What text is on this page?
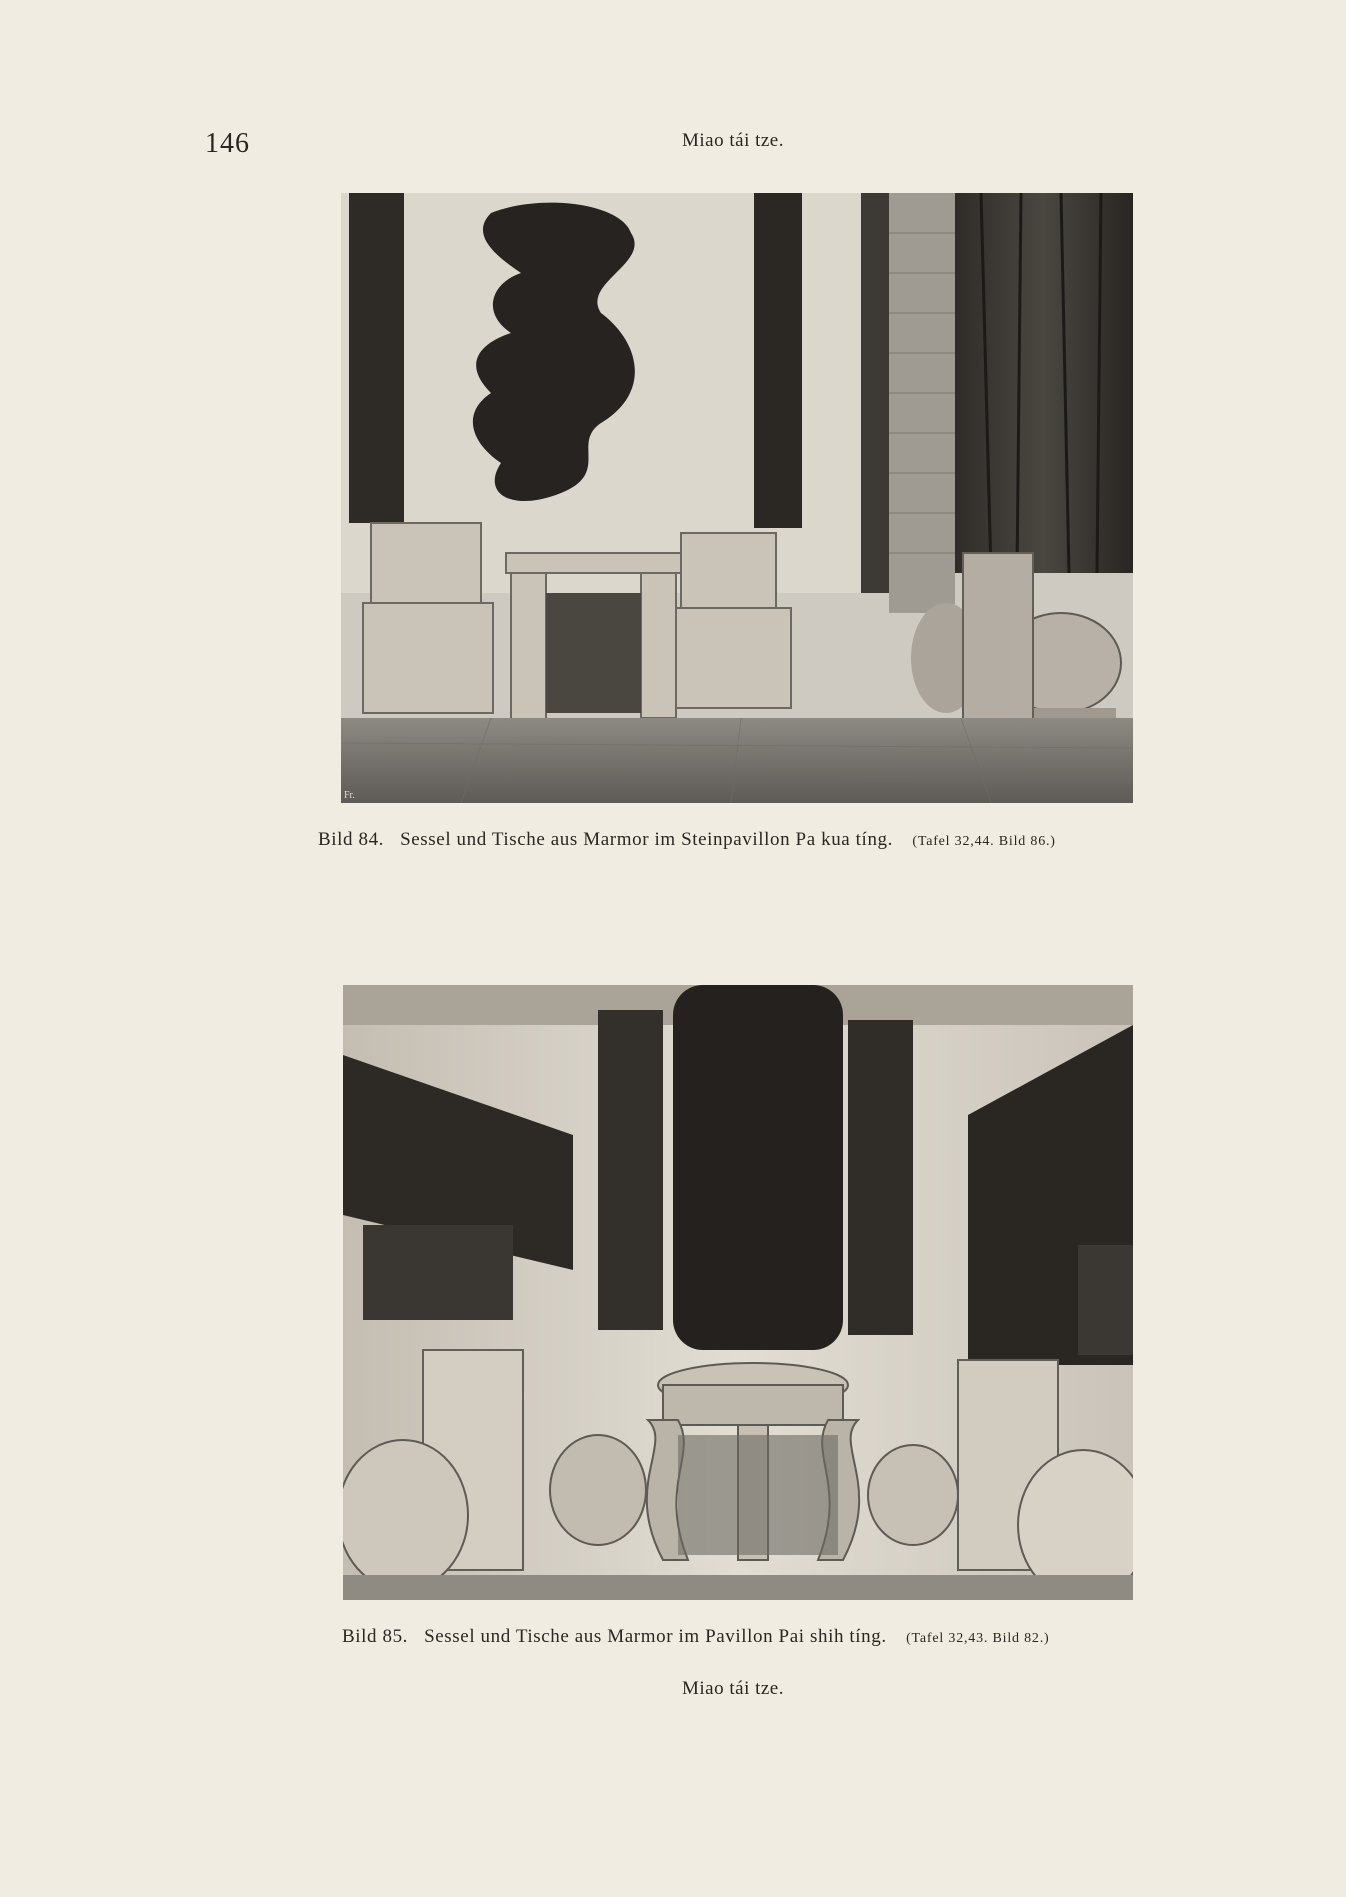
146	Miao tái tze.
Fr.
Bild 84. Sessel und Tische aus Marmor im Steinpavillon Pa kua tíng. (Tafel 32,44. Bild 86.)
Bild 85. Sessel und Tische aus Marmor im Pavillon Pai shih tíng. (Tafel 32,43. Bild 82.)
Miao tái tze.
